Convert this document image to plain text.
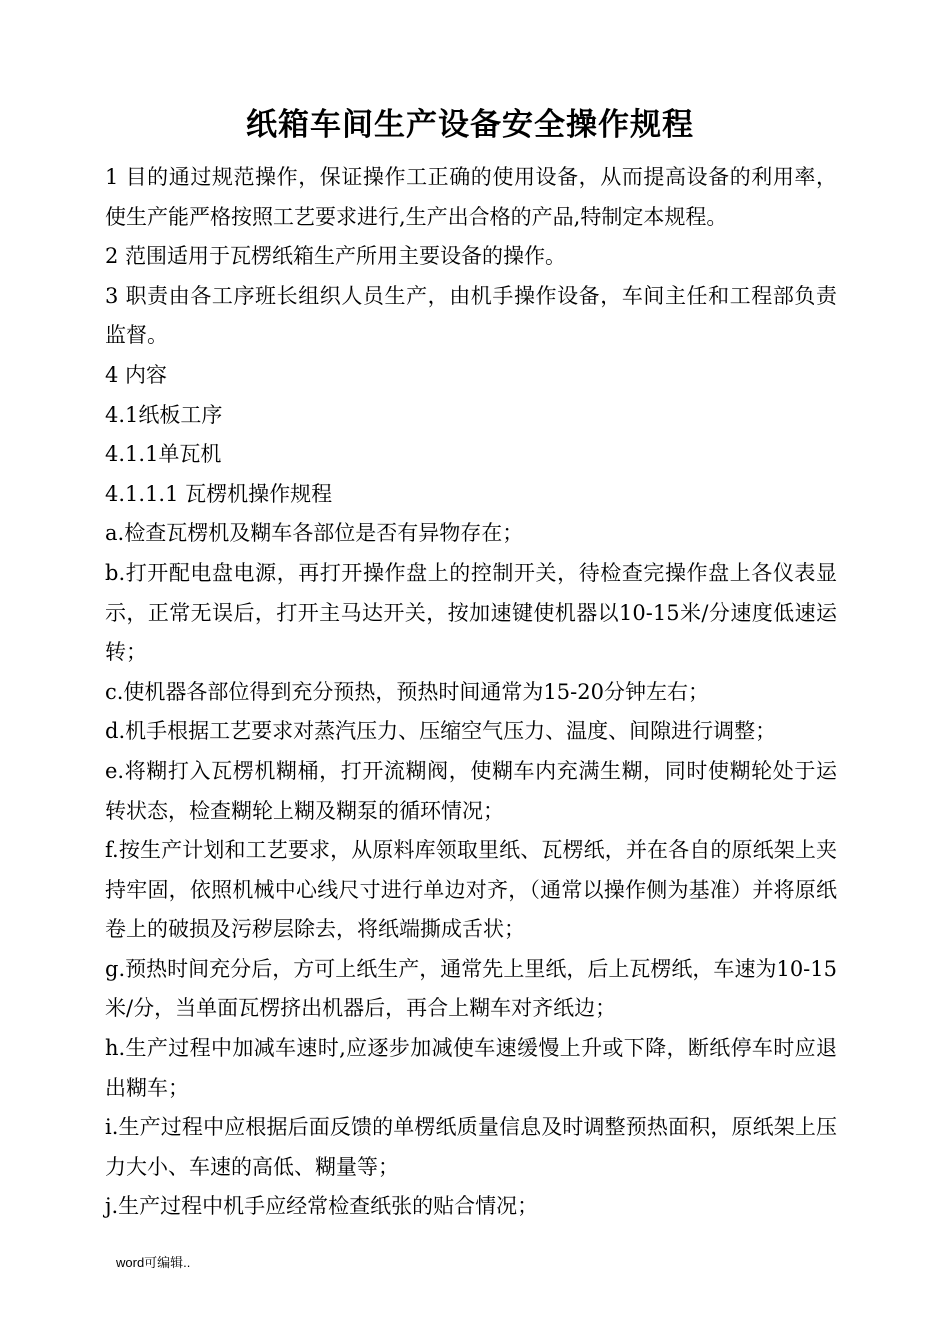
纸箱车间生产设备安全操作规程

1 目的通过规范操作，保证操作工正确的使用设备，从而提高设备的利用率，使生产能严格按照工艺要求进行,生产出合格的产品,特制定本规程。

2 范围适用于瓦楞纸箱生产所用主要设备的操作。

3 职责由各工序班长组织人员生产，由机手操作设备，车间主任和工程部负责监督。

4 内容

4.1纸板工序

4.1.1单瓦机

4.1.1.1 瓦楞机操作规程

a.检查瓦楞机及糊车各部位是否有异物存在；

b.打开配电盘电源，再打开操作盘上的控制开关，待检查完操作盘上各仪表显示，正常无误后，打开主马达开关，按加速键使机器以10-15米/分速度低速运转；

c.使机器各部位得到充分预热，预热时间通常为15-20分钟左右；

d.机手根据工艺要求对蒸汽压力、压缩空气压力、温度、间隙进行调整；

e.将糊打入瓦楞机糊桶，打开流糊阀，使糊车内充满生糊，同时使糊轮处于运转状态，检查糊轮上糊及糊泵的循环情况；

f.按生产计划和工艺要求，从原料库领取里纸、瓦楞纸，并在各自的原纸架上夹持牢固，依照机械中心线尺寸进行单边对齐，（通常以操作侧为基准）并将原纸卷上的破损及污秽层除去，将纸端撕成舌状；

g.预热时间充分后，方可上纸生产，通常先上里纸，后上瓦楞纸，车速为10-15米/分，当单面瓦楞挤出机器后，再合上糊车对齐纸边；

h.生产过程中加减车速时,应逐步加减使车速缓慢上升或下降，断纸停车时应退出糊车；

i.生产过程中应根据后面反馈的单楞纸质量信息及时调整预热面积，原纸架上压力大小、车速的高低、糊量等；

j.生产过程中机手应经常检查纸张的贴合情况；

word可编辑..
